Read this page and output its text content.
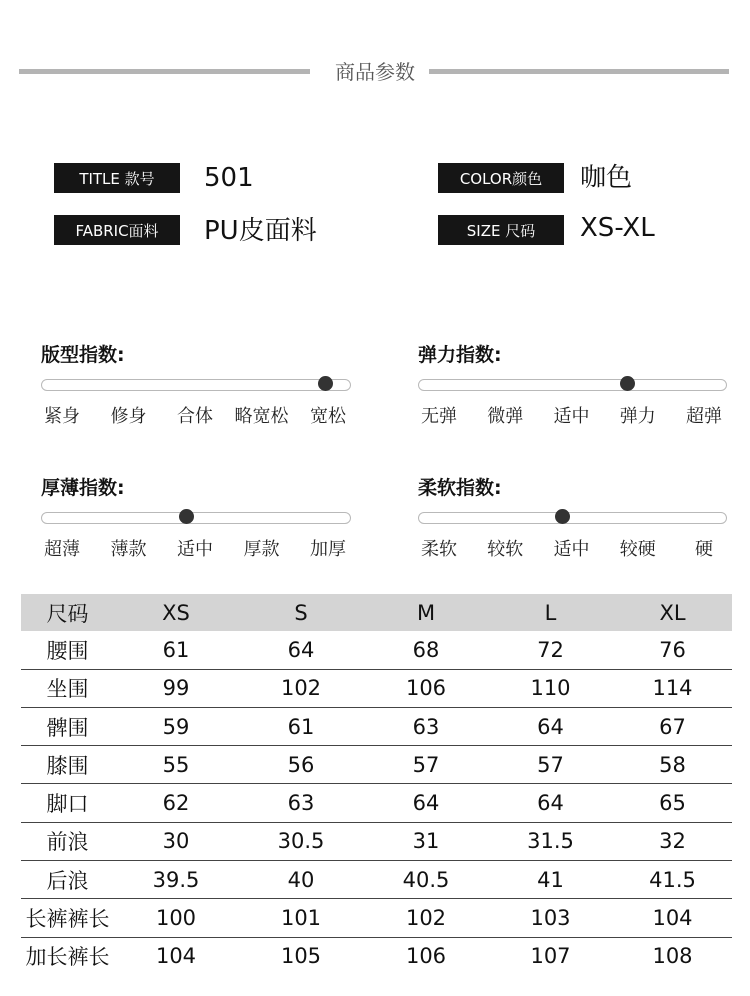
商品参数
TITLE 款号	501	COLOR颜色	咖色
FABRIC面料	PU皮面料	SIZE 尺码	XS-XL
尺码	XS	S	M	L	XL
腰围	61	64	68	72	76
坐围	99	102	106	110	114
髀围	59	61	63	64	67
膝围	55	56	57	57	58
脚口	62	63	64	64	65
前浪	30	30.5	31	31.5	32
后浪	39.5	40	40.5	41	41.5
长裤裤长	100	101	102	103	104
加长裤长	104	105	106	107	108
版型指数:
紧身	修身	合体	略宽松	宽松
弹力指数:
无弹	微弹	适中	弹力	超弹
厚薄指数:
超薄	薄款	适中	厚款	加厚
柔软指数:
柔软	较软	适中	较硬	硬
